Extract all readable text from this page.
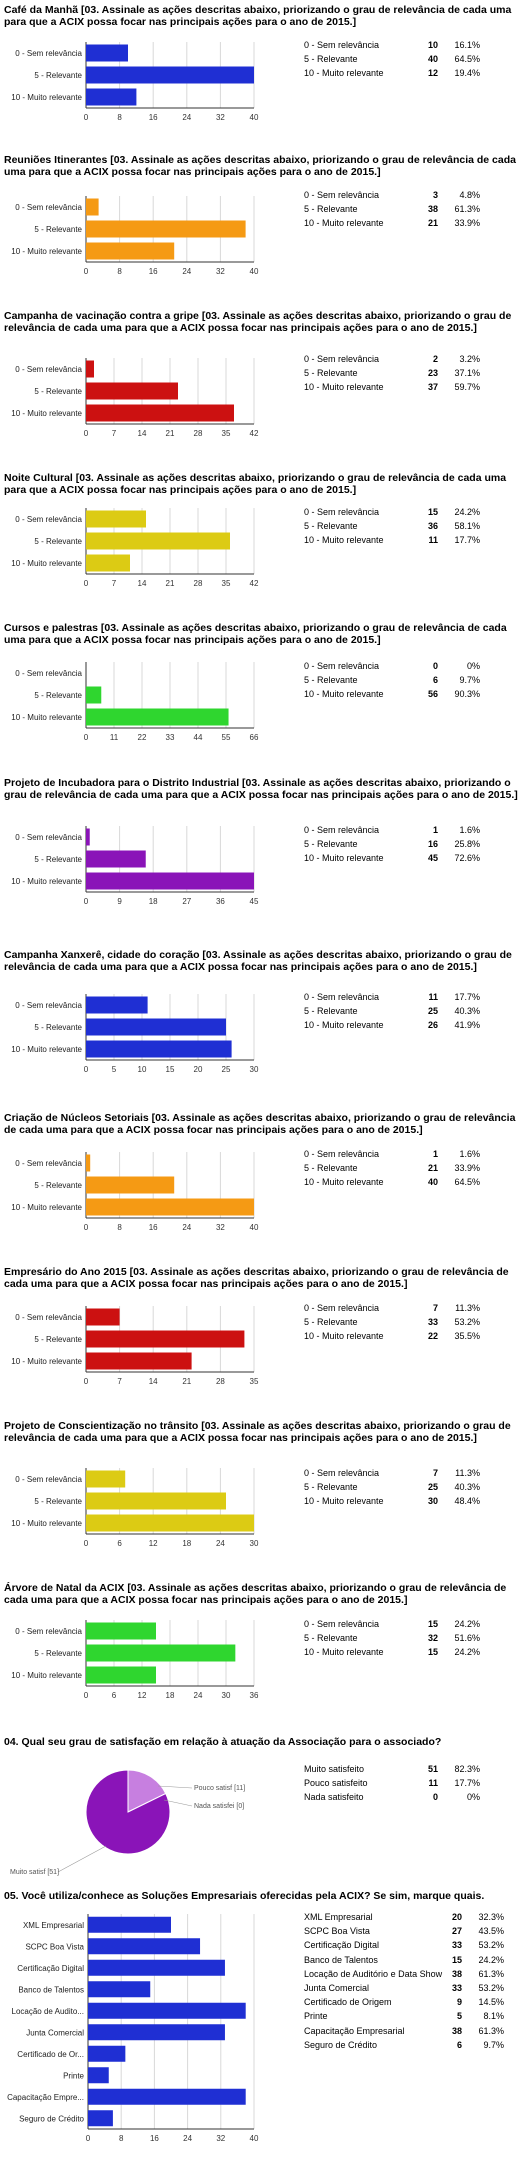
Café da Manhã [03. Assinale as ações descritas abaixo, priorizando o grau de relevância de cada uma para que a ACIX possa focar nas principais ações para o ano de 2015.]
0 - Sem relevância	10	16.1%
5 - Relevante	40	64.5%
10 - Muito relevante	12	19.4%
0	8	16	24	32	40
0 - Sem relevância
5 - Relevante
10 - Muito relevante
Reuniões Itinerantes [03. Assinale as ações descritas abaixo, priorizando o grau de relevância de cada uma para que a ACIX possa focar nas principais ações para o ano de 2015.]
0 - Sem relevância	3	4.8%
5 - Relevante	38	61.3%
10 - Muito relevante	21	33.9%
0	8	16	24	32	40
0 - Sem relevância
5 - Relevante
10 - Muito relevante
Campanha de vacinação contra a gripe [03. Assinale as ações descritas abaixo, priorizando o grau de relevância de cada uma para que a ACIX possa focar nas principais ações para o ano de 2015.]
0 - Sem relevância	2	3.2%
5 - Relevante	23	37.1%
10 - Muito relevante	37	59.7%
0	7	14 21 28 35 42
0 - Sem relevância
5 - Relevante
10 - Muito relevante
Noite Cultural [03. Assinale as ações descritas abaixo, priorizando o grau de relevância de cada uma para que a ACIX possa focar nas principais ações para o ano de 2015.]
0 - Sem relevância	15	24.2%
5 - Relevante	36	58.1%
10 - Muito relevante	11	17.7%
0	7	14 21 28 35 42
0 - Sem relevância
5 - Relevante
10 - Muito relevante
Cursos e palestras [03. Assinale as ações descritas abaixo, priorizando o grau de relevância de cada uma para que a ACIX possa focar nas principais ações para o ano de 2015.]
0 - Sem relevância	0	0%
5 - Relevante	6	9.7%
10 - Muito relevante	56	90.3%
0	11 22 33 44 55 66
0 - Sem relevância
5 - Relevante
10 - Muito relevante
Projeto de Incubadora para o Distrito Industrial [03. Assinale as ações descritas abaixo, priorizando o grau de relevância de cada uma para que a ACIX possa focar nas principais ações para o ano de 2015.]
0 - Sem relevância	1	1.6%
5 - Relevante	16	25.8%
10 - Muito relevante	45	72.6%
0	9	18	27	36	45
0 - Sem relevância
5 - Relevante
10 - Muito relevante
Campanha Xanxerê, cidade do coração [03. Assinale as ações descritas abaixo, priorizando o grau de relevância de cada uma para que a ACIX possa focar nas principais ações para o ano de 2015.]
0 - Sem relevância	11	17.7%
5 - Relevante	25	40.3%
10 - Muito relevante	26	41.9%
0	5	10 15 20 25 30
0 - Sem relevância
5 - Relevante
10 - Muito relevante
Criação de Núcleos Setoriais [03. Assinale as ações descritas abaixo, priorizando o grau de relevância de cada uma para que a ACIX possa focar nas principais ações para o ano de 2015.]
0 - Sem relevância	1	1.6%
5 - Relevante	21	33.9%
10 - Muito relevante	40	64.5%
0	8	16	24	32	40
0 - Sem relevância
5 - Relevante
10 - Muito relevante
Empresário do Ano 2015 [03. Assinale as ações descritas abaixo, priorizando o grau de relevância de cada uma para que a ACIX possa focar nas principais ações para o ano de 2015.]
0 - Sem relevância	7	11.3%
5 - Relevante	33	53.2%
10 - Muito relevante	22	35.5%
0	7	14	21	28	35
0 - Sem relevância
5 - Relevante
10 - Muito relevante
Projeto de Conscientização no trânsito [03. Assinale as ações descritas abaixo, priorizando o grau de relevância de cada uma para que a ACIX possa focar nas principais ações para o ano de 2015.]
0 - Sem relevância	7	11.3%
5 - Relevante	25	40.3%
10 - Muito relevante	30	48.4%
0	6	12	18	24	30
0 - Sem relevância
5 - Relevante
10 - Muito relevante
Árvore de Natal da ACIX [03. Assinale as ações descritas abaixo, priorizando o grau de relevância de cada uma para que a ACIX possa focar nas principais ações para o ano de 2015.]
0 - Sem relevância	15	24.2%
5 - Relevante	32	51.6%
10 - Muito relevante	15	24.2%
0	6	12 18 24 30 36
0 - Sem relevância
5 - Relevante
10 - Muito relevante
04. Qual seu grau de satisfação em relação à atuação da Associação para o associado?
Muito satisfeito	51	82.3%
Pouco satisfeito	11	17.7%
Nada satisfeito	0	0%
Muito satisf [51]
Pouco satisf [11]
Nada satisfei [0]
05. Você utiliza/conhece as Soluções Empresariais oferecidas pela ACIX? Se sim, marque quais.
XML Empresarial	20	32.3%
SCPC Boa Vista	27	43.5%
Certificação Digital	33	53.2%
Banco de Talentos	15	24.2%
Locação de Auditório e Data Show	38	61.3%
Junta Comercial	33	53.2%
Certificado de Origem	9	14.5%
Printe	5	8.1%
Capacitação Empresarial	38	61.3%
Seguro de Crédito	6	9.7%
0	8	16	24	32	40
XML Empresarial
SCPC Boa Vista
Certificação Digital
Banco de Talentos
Locação de Audito...
Junta Comercial
Certificado de Or...
Printe
Capacitação Empre...
Seguro de Crédito
